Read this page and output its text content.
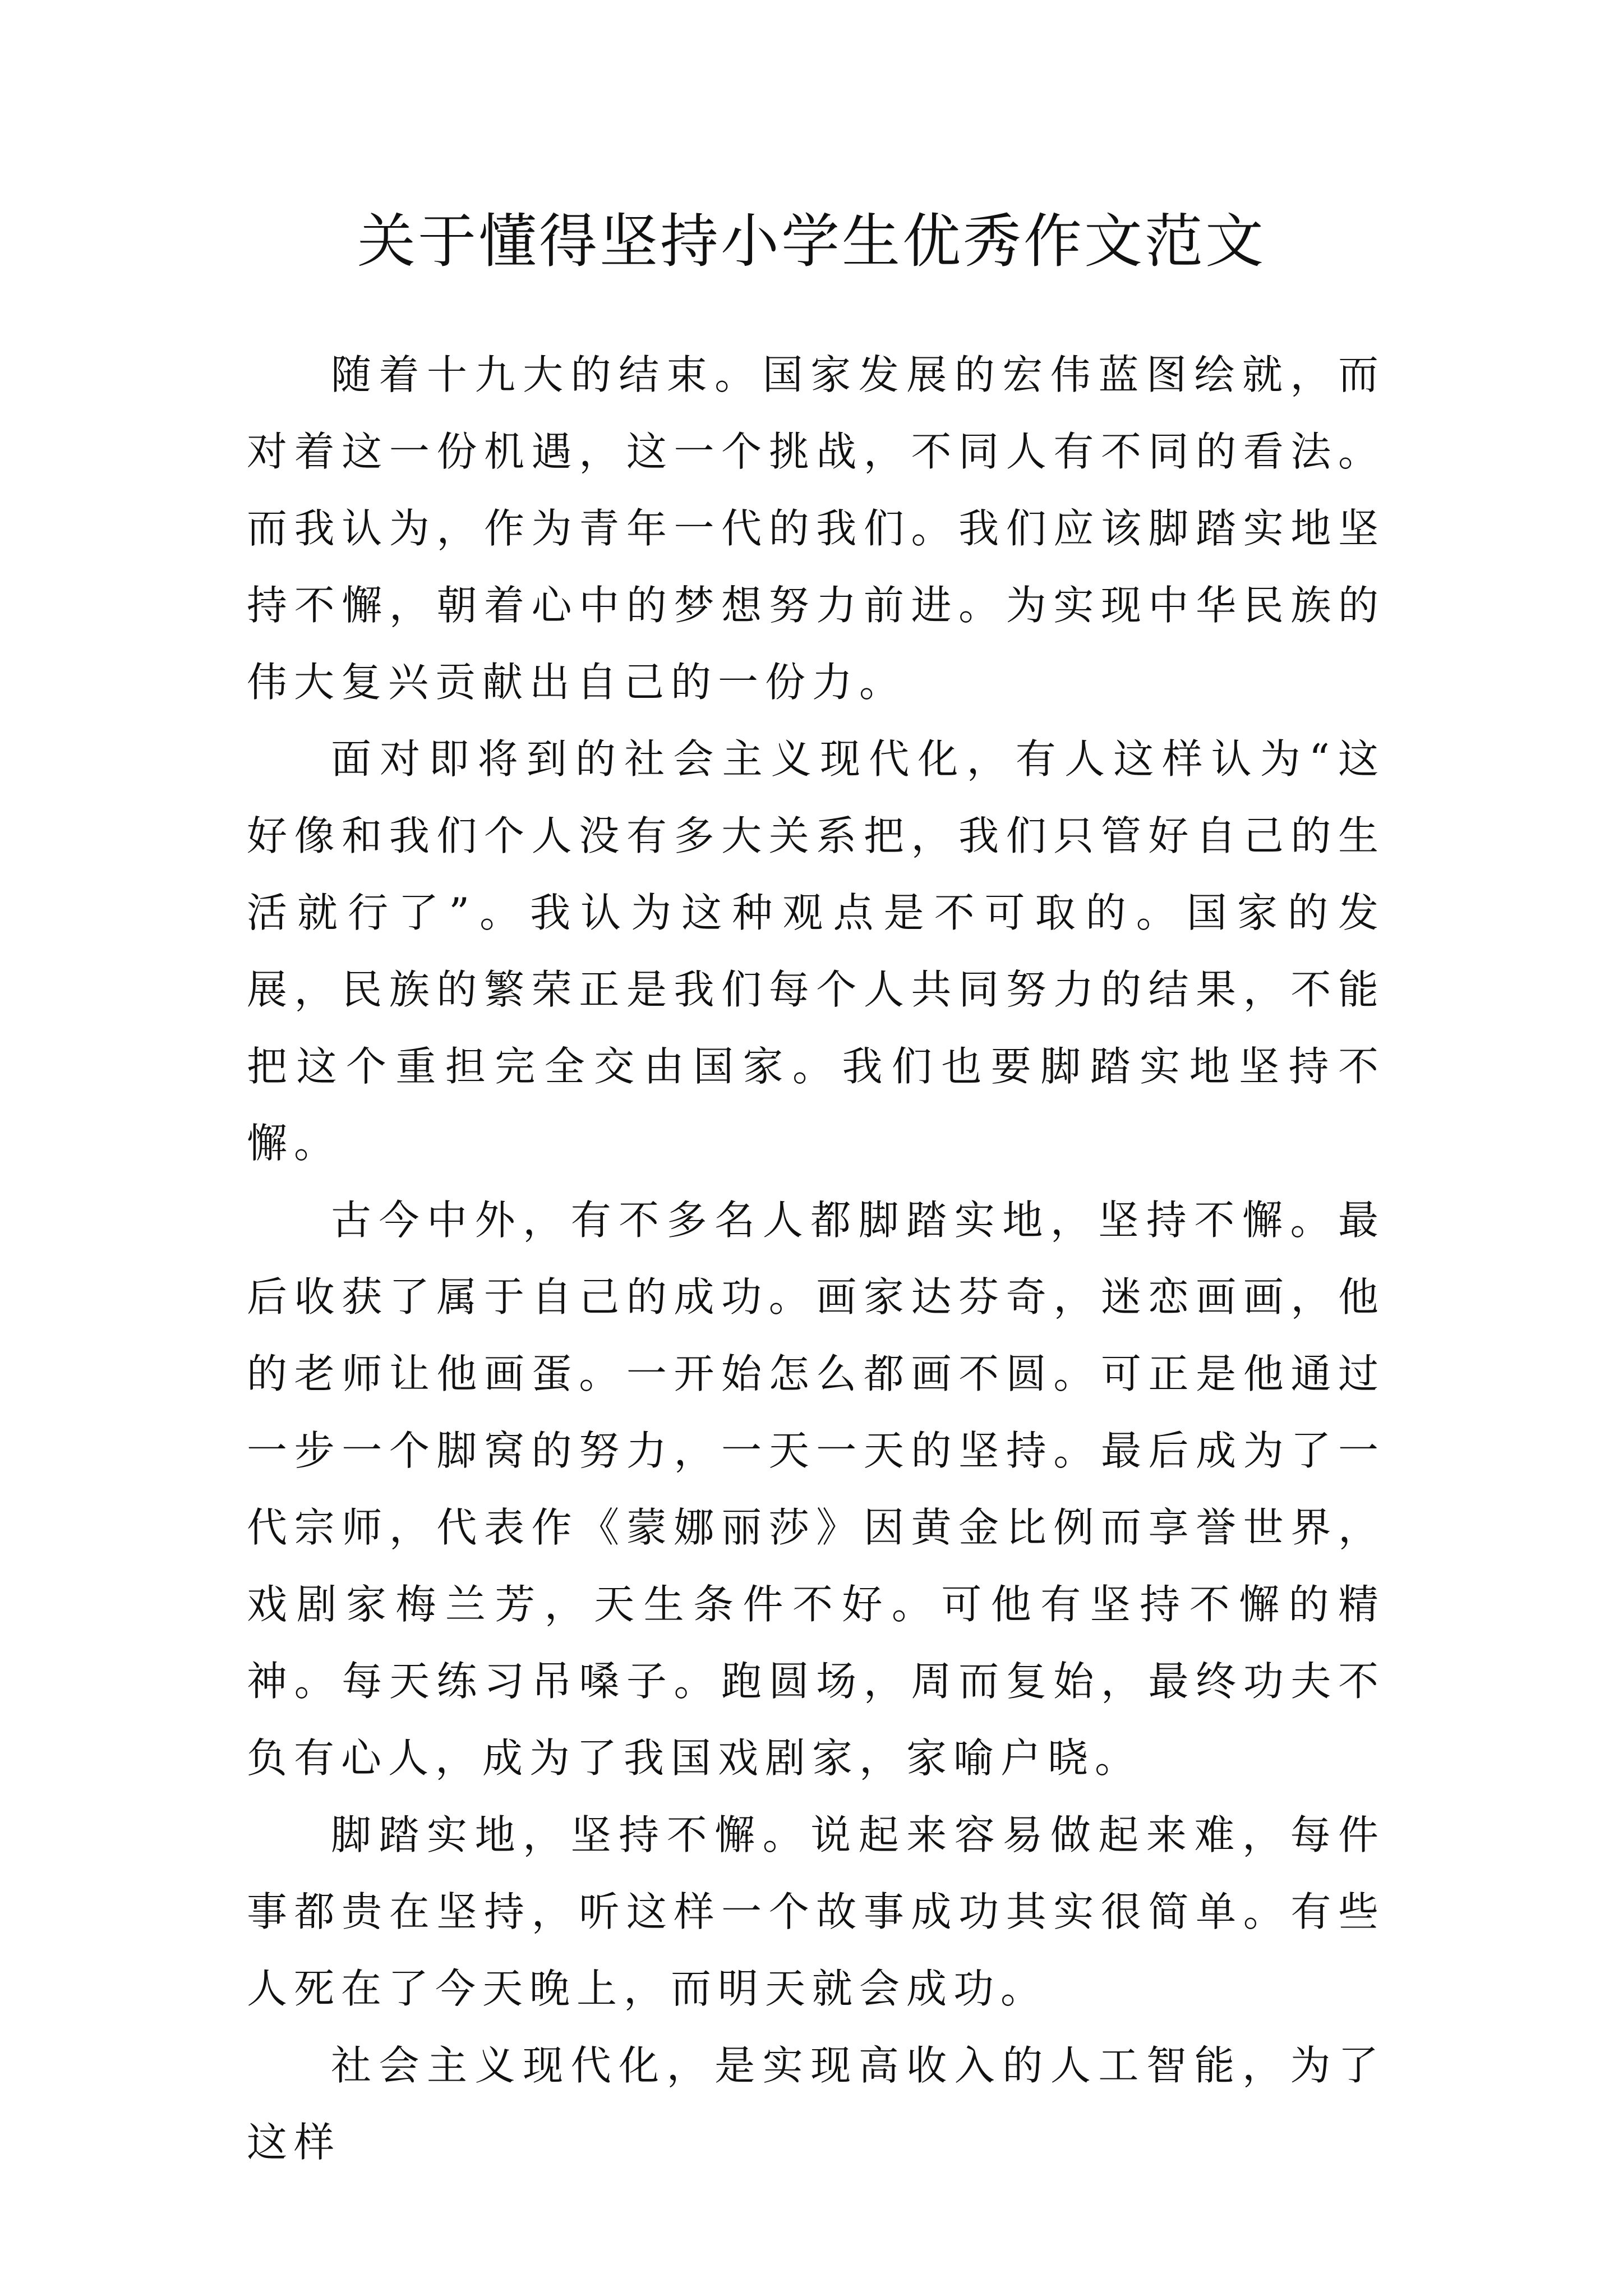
关于懂得坚持小学生优秀作文范文

随着十九大的结束。国家发展的宏伟蓝图绘就，而对着这一份机遇，这一个挑战，不同人有不同的看法。而我认为，作为青年一代的我们。我们应该脚踏实地坚持不懈，朝着心中的梦想努力前进。为实现中华民族的伟大复兴贡献出自己的一份力。

面对即将到的社会主义现代化，有人这样认为“这好像和我们个人没有多大关系把，我们只管好自己的生活就行了”。我认为这种观点是不可取的。国家的发展，民族的繁荣正是我们每个人共同努力的结果，不能把这个重担完全交由国家。我们也要脚踏实地坚持不懈。

古今中外，有不多名人都脚踏实地，坚持不懈。最后收获了属于自己的成功。画家达芬奇，迷恋画画，他的老师让他画蛋。一开始怎么都画不圆。可正是他通过一步一个脚窝的努力，一天一天的坚持。最后成为了一代宗师，代表作《蒙娜丽莎》因黄金比例而享誉世界，戏剧家梅兰芳，天生条件不好。可他有坚持不懈的精神。每天练习吊嗓子。跑圆场，周而复始，最终功夫不负有心人，成为了我国戏剧家，家喻户晓。

脚踏实地，坚持不懈。说起来容易做起来难，每件事都贵在坚持，听这样一个故事成功其实很简单。有些人死在了今天晚上，而明天就会成功。

社会主义现代化，是实现高收入的人工智能，为了这样
